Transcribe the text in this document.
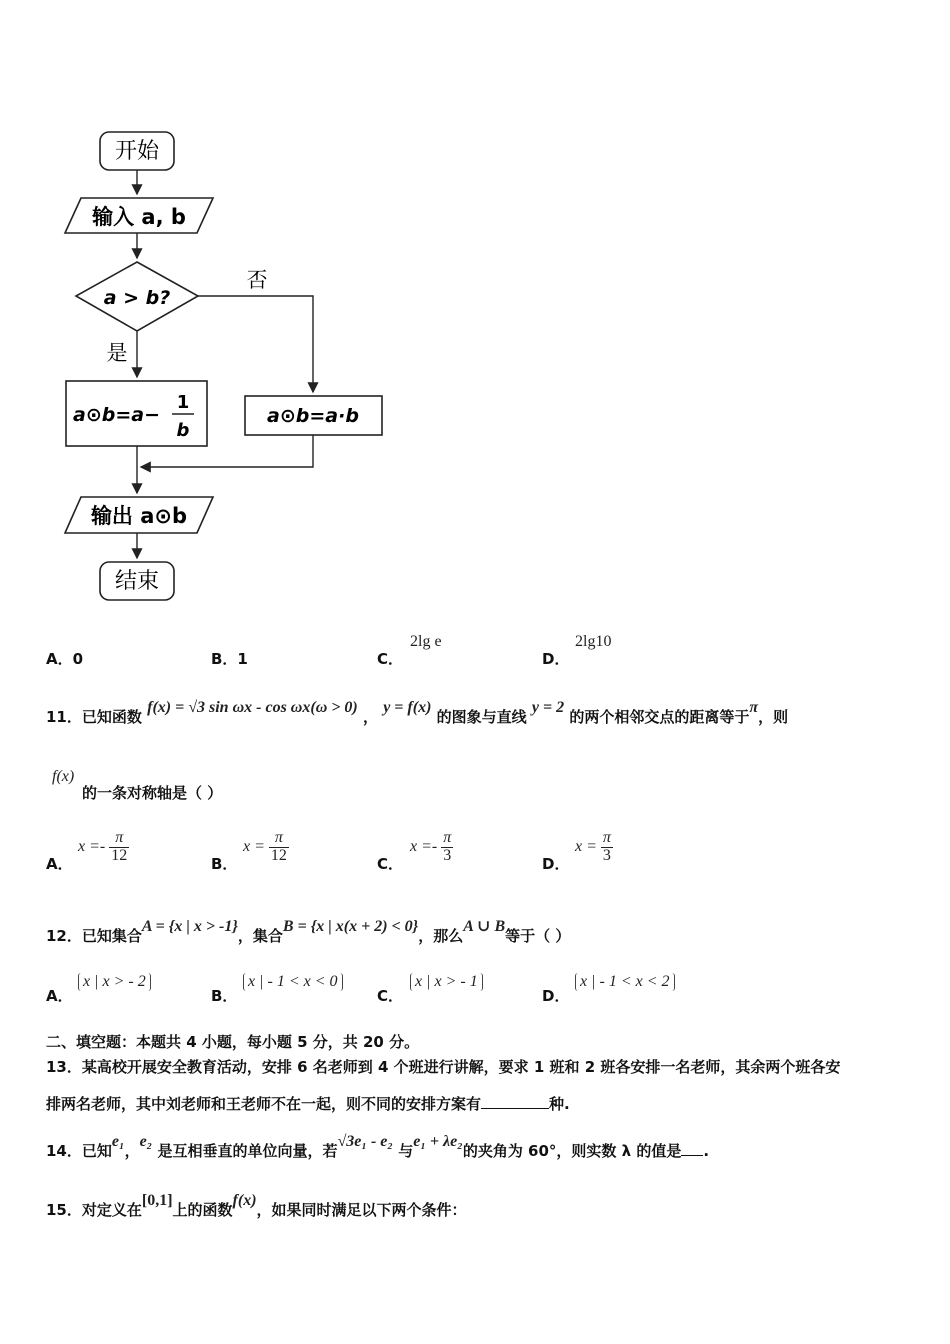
开始
输入 a, b
a > b?
否
是
a⊙b=a−
1
b
a⊙b=a·b
输出 a⊙b
结束
A．0	B．1	C．
2lg e
D．
2lg10
11．已知函数 f(x) = √3 sin ωx - cos ωx(ω > 0) ， y = f(x) 的图象与直线 y = 2 的两个相邻交点的距离等于π，则
f(x)
的一条对称轴是（ ）
A．
$x =- \frac{\pi}{12}$	B．
$x = \frac{\pi}{12}$	C．
$x =- \frac{\pi}{3}$	D．
$x = \frac{\pi}{3}$
12．已知集合A = {x | x > -1}，集合B = {x | x(x + 2) < 0}，那么A ∪ B等于（ ）
A．
x | x > - 2
B．
x | - 1 < x < 0
C．
x | x > - 1
D．
x | - 1 < x < 2
二、填空题：本题共 4 小题，每小题 5 分，共 20 分。
13．某高校开展安全教育活动，安排 6 名老师到 4 个班进行讲解，要求 1 班和 2 班各安排一名老师，其余两个班各安
排两名老师，其中刘老师和王老师不在一起，则不同的安排方案有	种.
14．已知e₁，e₂ 是互相垂直的单位向量，若√3e₁ - e₂ 与e₁ + λe₂的夹角为 60°，则实数 λ 的值是 .
15．对定义在[0,1]上的函数f(x)，如果同时满足以下两个条件：
